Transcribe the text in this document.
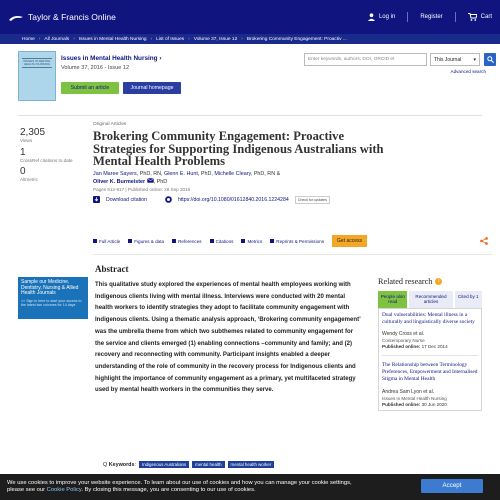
Taylor & Francis Online	Log in	Register	Cart
Home › All Journals › Issues in Mental Health Nursing › List of Issues › Volume 37, Issue 12 › Brokering Community Engagement: Proactiv ...
ISSUES IN MENTAL HEALTH NURSING
Issues in Mental Health Nursing ›
Volume 37, 2016 - Issue 12
Submit an article	Journal homepage
Enter keywords, authors, DOI, ORCID et	This Journal ▾
Advanced search
2,305
Views
1
CrossRef citations to date
0
Altmetric
Original Articles
Brokering Community Engagement: Proactive Strategies for Supporting Indigenous Australians with Mental Health Problems
Jan Maree Sayers, PhD, RN, Glenn E. Hunt, PhD, Michelle Cleary, PhD, RN &
Oliver K. Burmeister , PhD
Pages 912-917 | Published online: 28 Sep 2016
Download citation	https://doi.org/10.1080/01612840.2016.1224284	Check for updates
Full Article	Figures & data	References	Citations	Metrics	Reprints & Permissions	Get access
Sample our Medicine, Dentistry, Nursing & Allied Health Journals
>> Sign in here to start your access to the latest two volumes for 14 days
Abstract
This qualitative study explored the experiences of mental health employees working with Indigenous clients living with mental illness. Interviews were conducted with 20 mental health workers to identify strategies they adopt to facilitate community engagement with Indigenous clients. Using a thematic analysis approach, ‘Brokering community engagement’ was the umbrella theme from which two subthemes related to community engagement for the service and clients emerged (1) enabling connections –community and family; and (2) recovery and reconnecting with community. Participant insights enabled a deeper understanding of the role of community in the recovery process for Indigenous clients and highlight the importance of community engagement as a primary, yet multifaceted strategy used by mental health workers in the communities they serve.
Q Keywords:	Indigenous Australians	mental health	mental health worker
Related research	i
People also read
Recommended articles
Cited by 1
Dual vulnerabilities: Mental illness in a culturally and linguistically diverse society
Wendy Cross et al.
Contemporary Nurse
Published online: 17 Dec 2014
The Relationship between Terminology Preferences, Empowerment and Internalised Stigma in Mental Health
Andrea Sam Lyon et al.
Issues in Mental Health Nursing
Published online: 30 Jun 2020
We use cookies to improve your website experience. To learn about our use of cookies and how you can manage your cookie settings,
please see our Cookie Policy. By closing this message, you are consenting to our use of cookies.
Accept
